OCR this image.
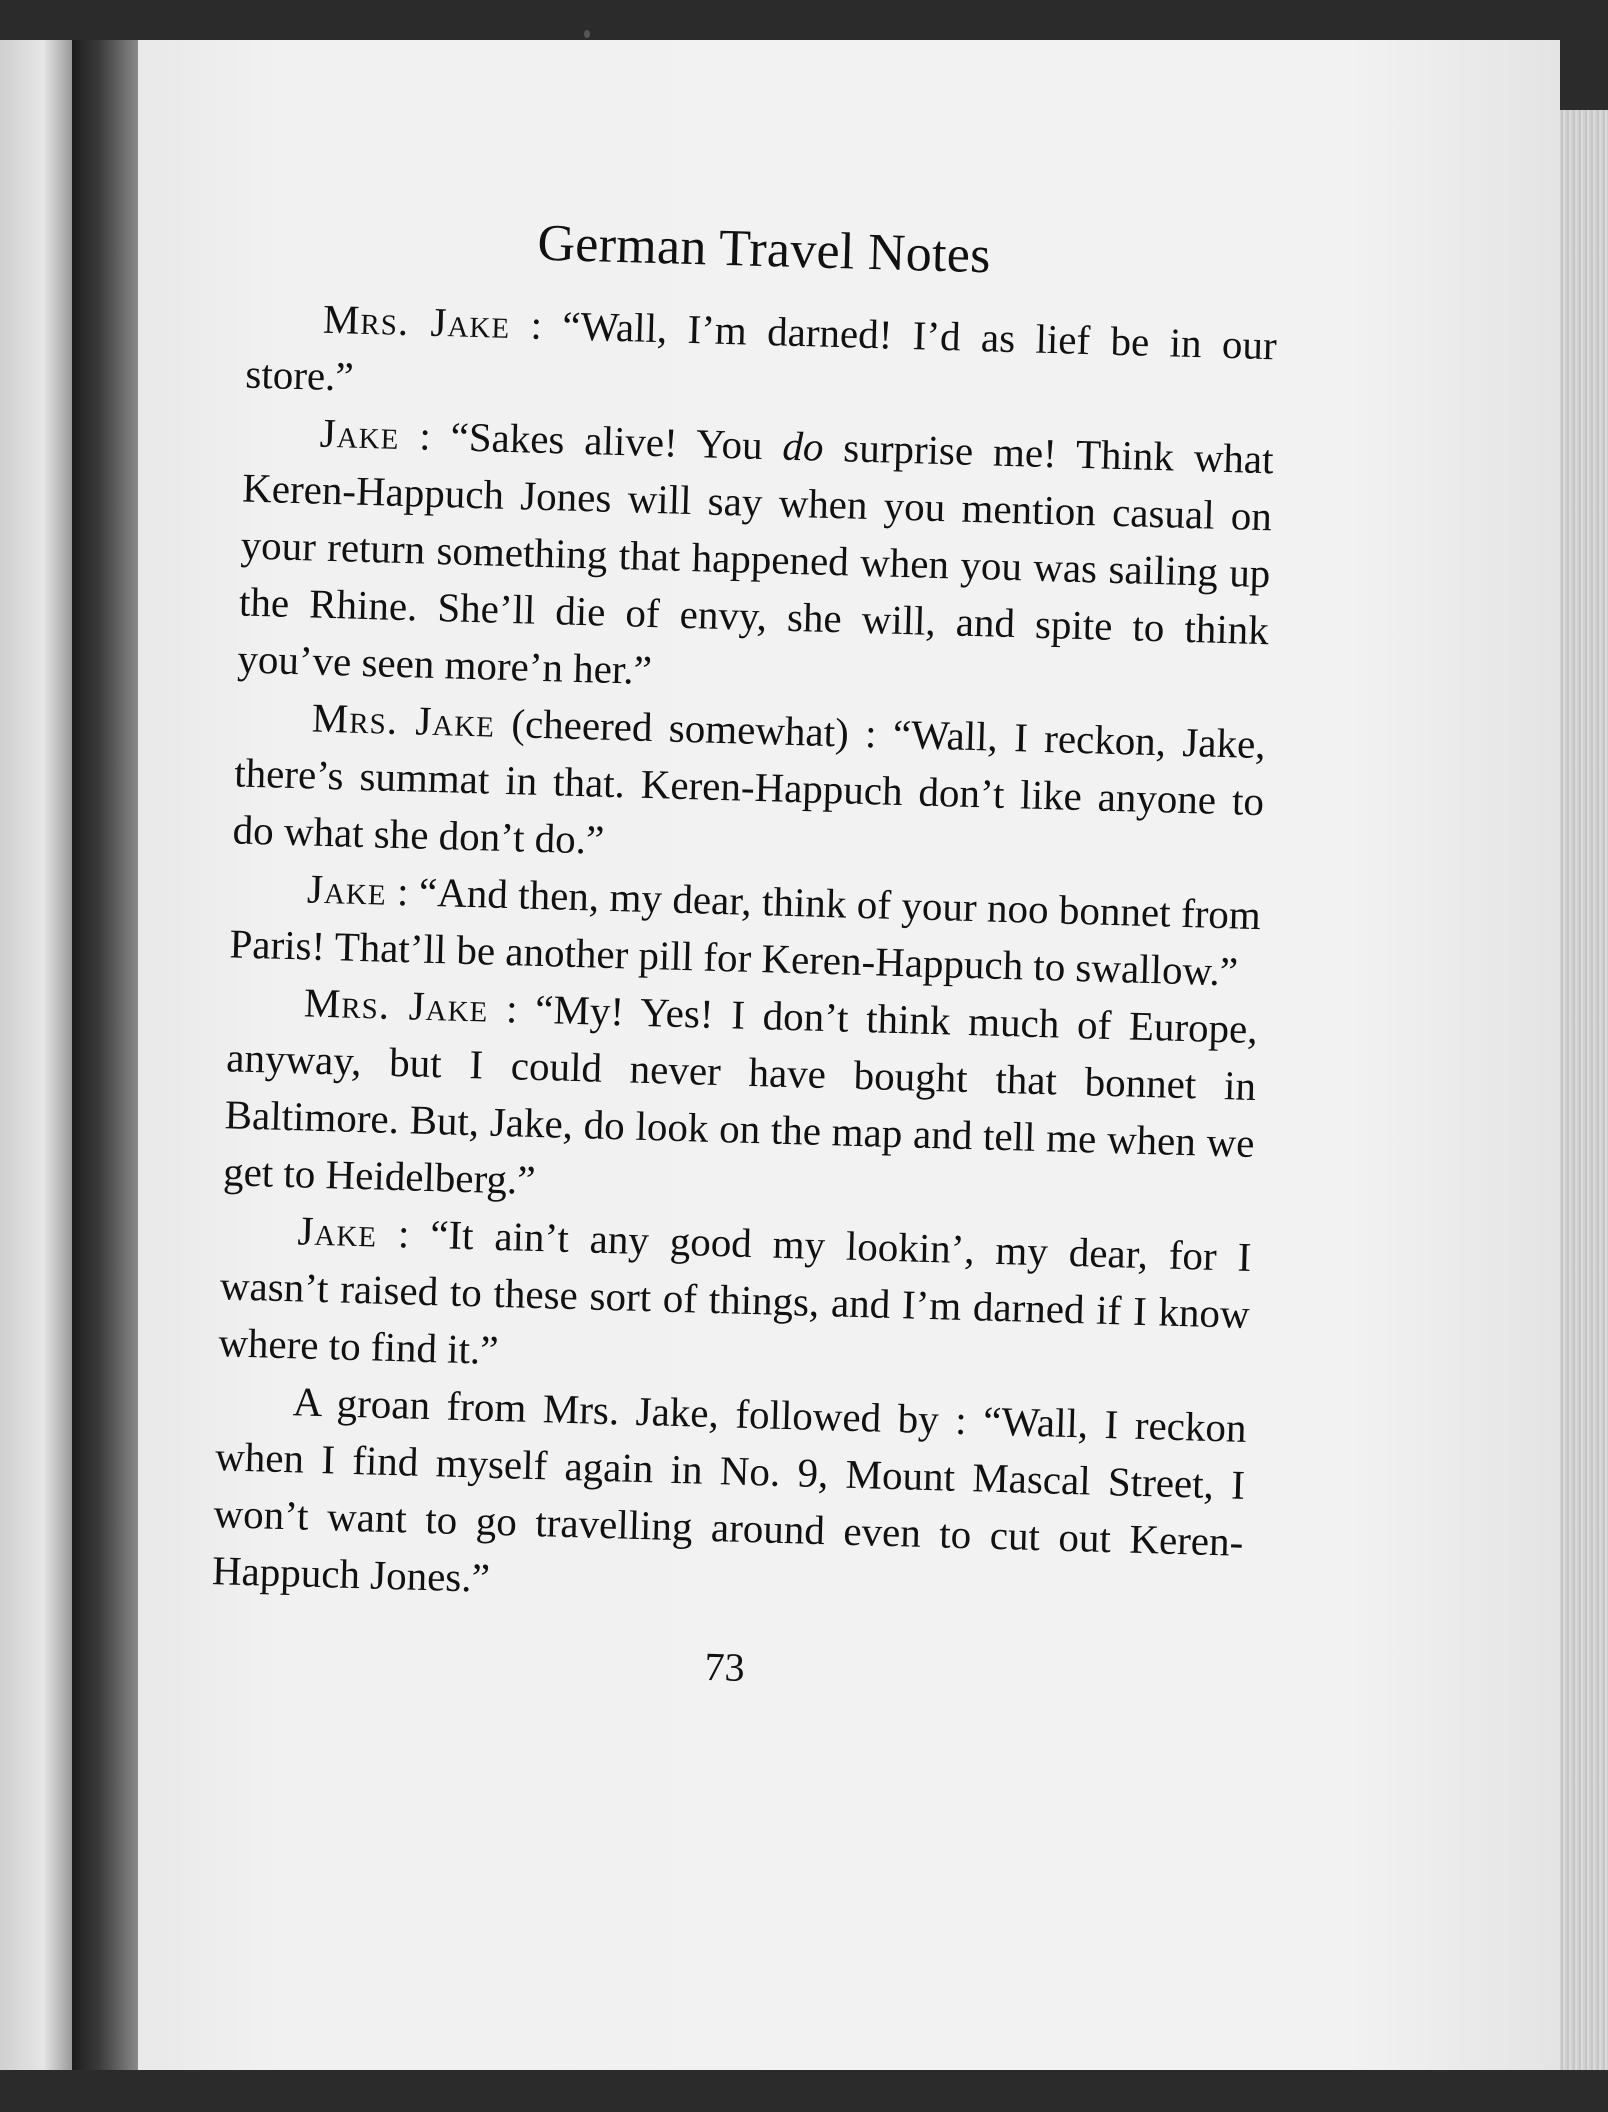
German Travel Notes

Mrs. Jake : “Wall, I’m darned! I’d as lief be in our store.”

Jake : “Sakes alive! You do surprise me! Think what Keren-Happuch Jones will say when you mention casual on your return something that happened when you was sailing up the Rhine. She’ll die of envy, she will, and spite to think you’ve seen more’n her.”

Mrs. Jake (cheered somewhat) : “Wall, I reckon, Jake, there’s summat in that. Keren-Happuch don’t like anyone to do what she don’t do.”

Jake : “And then, my dear, think of your noo bonnet from Paris! That’ll be another pill for Keren-Happuch to swallow.”

Mrs. Jake : “My! Yes! I don’t think much of Europe, anyway, but I could never have bought that bonnet in Baltimore. But, Jake, do look on the map and tell me when we get to Heidelberg.”

Jake : “It ain’t any good my lookin’, my dear, for I wasn’t raised to these sort of things, and I’m darned if I know where to find it.”

A groan from Mrs. Jake, followed by : “Wall, I reckon when I find myself again in No. 9, Mount Mascal Street, I won’t want to go travelling around even to cut out Keren-Happuch Jones.”

73
